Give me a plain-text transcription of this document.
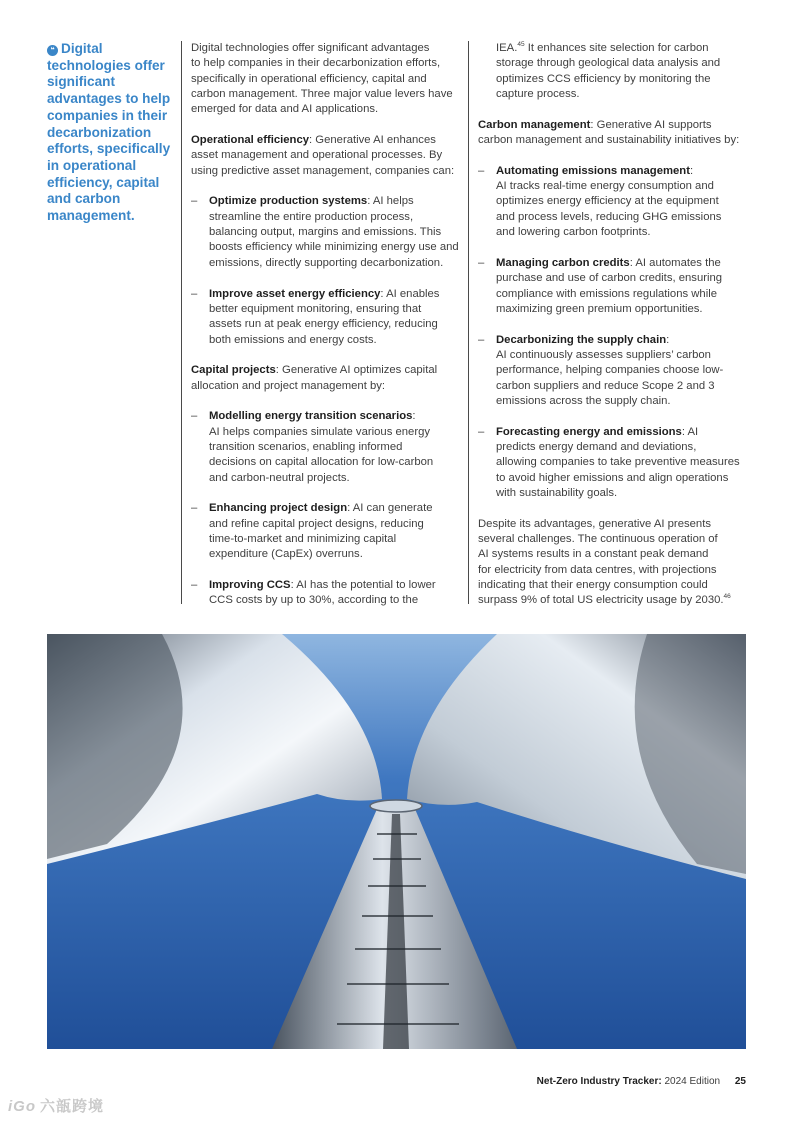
❝ Digital technologies offer significant advantages to help companies in their decarbonization efforts, specifically in operational efficiency, capital and carbon management.

Digital technologies offer significant advantages
to help companies in their decarbonization efforts,
specifically in operational efficiency, capital and
carbon management. Three major value levers have
emerged for data and AI applications.

Operational efficiency: Generative AI enhances
asset management and operational processes. By
using predictive asset management, companies can:

– Optimize production systems: AI helps
streamline the entire production process,
balancing output, margins and emissions. This
boosts efficiency while minimizing energy use and
emissions, directly supporting decarbonization.
– Improve asset energy efficiency: AI enables
better equipment monitoring, ensuring that
assets run at peak energy efficiency, reducing
both emissions and energy costs.

Capital projects: Generative AI optimizes capital
allocation and project management by:

– Modelling energy transition scenarios:
AI helps companies simulate various energy
transition scenarios, enabling informed
decisions on capital allocation for low-carbon
and carbon-neutral projects.
– Enhancing project design: AI can generate
and refine capital project designs, reducing
time-to-market and minimizing capital
expenditure (CapEx) overruns.
– Improving CCS: AI has the potential to lower
CCS costs by up to 30%, according to the
IEA.$^{45}$ It enhances site selection for carbon
storage through geological data analysis and
optimizes CCS efficiency by monitoring the
capture process.

Carbon management: Generative AI supports
carbon management and sustainability initiatives by:

– Automating emissions management:
AI tracks real-time energy consumption and
optimizes energy efficiency at the equipment
and process levels, reducing GHG emissions
and lowering carbon footprints.
– Managing carbon credits: AI automates the
purchase and use of carbon credits, ensuring
compliance with emissions regulations while
maximizing green premium opportunities.
– Decarbonizing the supply chain:
AI continuously assesses suppliers’ carbon
performance, helping companies choose low-
carbon suppliers and reduce Scope 2 and 3
emissions across the supply chain.
– Forecasting energy and emissions: AI
predicts energy demand and deviations,
allowing companies to take preventive measures
to avoid higher emissions and align operations
with sustainability goals.

Despite its advantages, generative AI presents
several challenges. The continuous operation of
AI systems results in a constant peak demand
for electricity from data centres, with projections
indicating that their energy consumption could
surpass 9% of total US electricity usage by 2030.46

Net-Zero Industry Tracker: 2024 Edition 25
iGo 六瓿跨境
